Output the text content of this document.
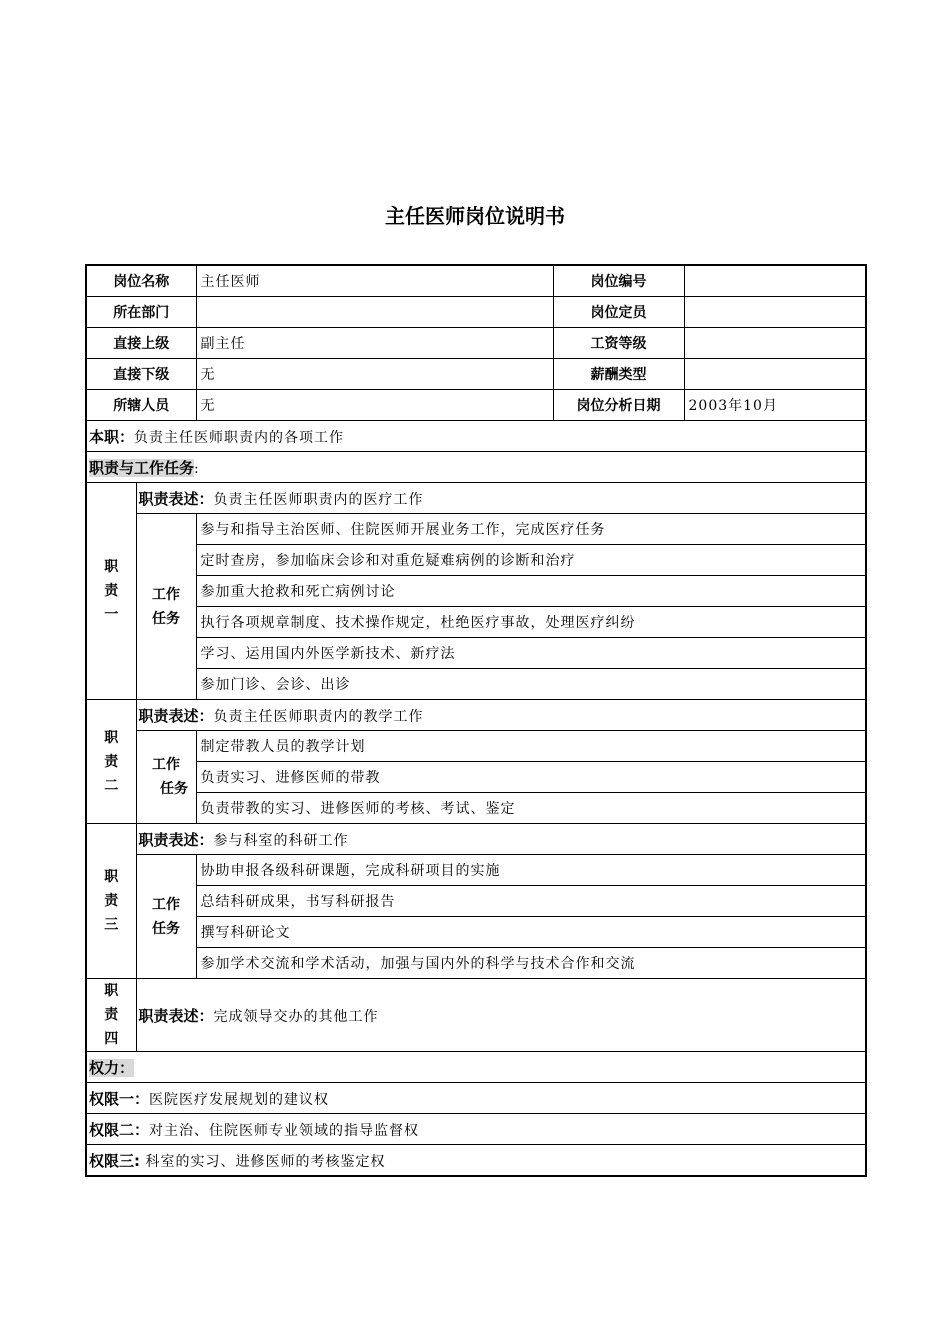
主任医师岗位说明书
岗位名称		主任医师	岗位编号	
所在部门			岗位定员	
直接上级		副主任	工资等级	
直接下级		无	薪酬类型	
所辖人员		无	岗位分析日期	2003年10月
本职：负责主任医师职责内的各项工作				
职责与工作任务:				
职
责
一	职责表述：负责主任医师职责内的医疗工作			
	工作
任务	参与和指导主治医师、住院医师开展业务工作，完成医疗任务		
		定时查房，参加临床会诊和对重危疑难病例的诊断和治疗		
		参加重大抢救和死亡病例讨论		
		执行各项规章制度、技术操作规定，杜绝医疗事故，处理医疗纠纷		
		学习、运用国内外医学新技术、新疗法		
		参加门诊、会诊、出诊		
职
责
二	职责表述：负责主任医师职责内的教学工作			
	工作
任务	制定带教人员的教学计划		
		负责实习、进修医师的带教		
		负责带教的实习、进修医师的考核、考试、鉴定		
职
责
三	职责表述：参与科室的科研工作			
	工作
任务	协助申报各级科研课题，完成科研项目的实施		
		总结科研成果，书写科研报告		
		撰写科研论文		
		参加学术交流和学术活动，加强与国内外的科学与技术合作和交流		
职
责
四	职责表述：完成领导交办的其他工作			
权力：				
权限一：医院医疗发展规划的建议权				
权限二：对主治、住院医师专业领域的指导监督权				
权限三: 科室的实习、进修医师的考核鉴定权				
